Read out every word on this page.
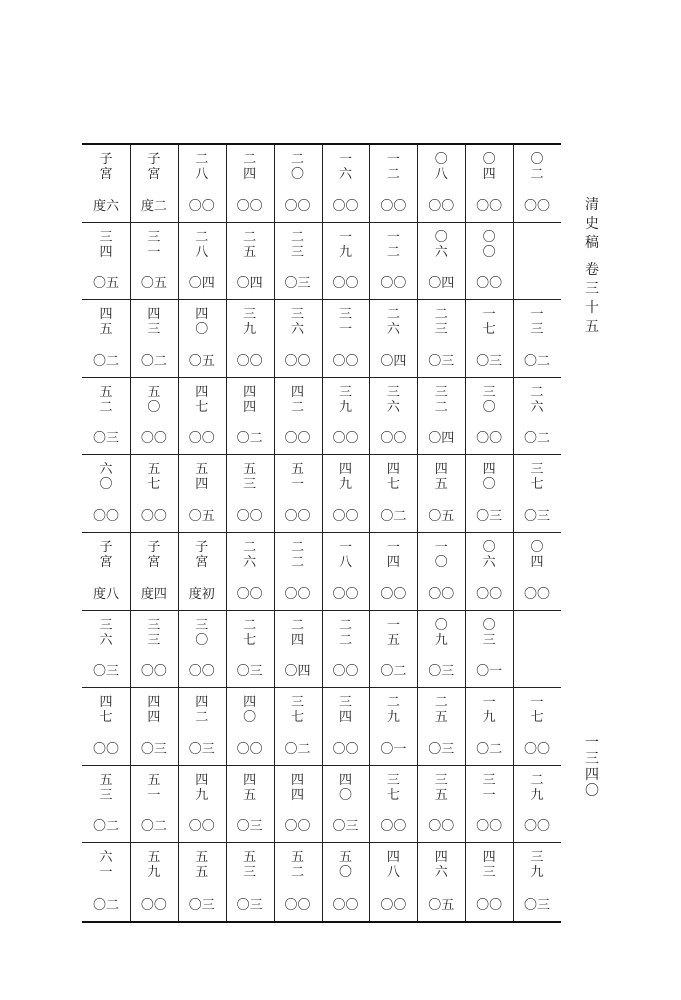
〇
二
〇〇
〇
四
〇〇
〇
八
〇〇
一
二
〇〇
一
六
〇〇
二
〇
〇〇
二
四
〇〇
二
八
〇〇
子
宮
度二
子
宮
度六
〇
〇
〇〇
〇
六
〇四
一
二
〇〇
一
九
〇〇
二
三
〇三
二
五
〇四
二
八
〇四
三
一
〇五
三
四
〇五
一
三
〇二
一
七
〇三
二
三
〇三
二
六
〇四
三
一
〇〇
三
六
〇〇
三
九
〇〇
四
〇
〇五
四
三
〇二
四
五
〇二
二
六
〇二
三
〇
〇〇
三
二
〇四
三
六
〇〇
三
九
〇〇
四
二
〇〇
四
四
〇二
四
七
〇〇
五
〇
〇〇
五
二
〇三
三
七
〇三
四
〇
〇三
四
五
〇五
四
七
〇二
四
九
〇〇
五
一
〇〇
五
三
〇〇
五
四
〇五
五
七
〇〇
六
〇
〇〇
〇
四
〇〇
〇
六
〇〇
一
〇
〇〇
一
四
〇〇
一
八
〇〇
二
二
〇〇
二
六
〇〇
子
宮
度初
子
宮
度四
子
宮
度八
〇
三
〇一
〇
九
〇三
一
五
〇二
二
二
〇〇
二
四
〇四
二
七
〇三
三
〇
〇〇
三
三
〇〇
三
六
〇三
一
七
〇〇
一
九
〇二
二
五
〇三
二
九
〇一
三
四
〇〇
三
七
〇二
四
〇
〇〇
四
二
〇三
四
四
〇三
四
七
〇〇
二
九
〇〇
三
一
〇〇
三
五
〇〇
三
七
〇〇
四
〇
〇三
四
四
〇〇
四
五
〇三
四
九
〇〇
五
一
〇二
五
三
〇二
三
九
〇三
四
三
〇〇
四
六
〇五
四
八
〇〇
五
〇
〇〇
五
二
〇〇
五
三
〇三
五
五
〇三
五
九
〇〇
六
一
〇二
清
史
稿
卷
三
十
五
一
三
四
〇
